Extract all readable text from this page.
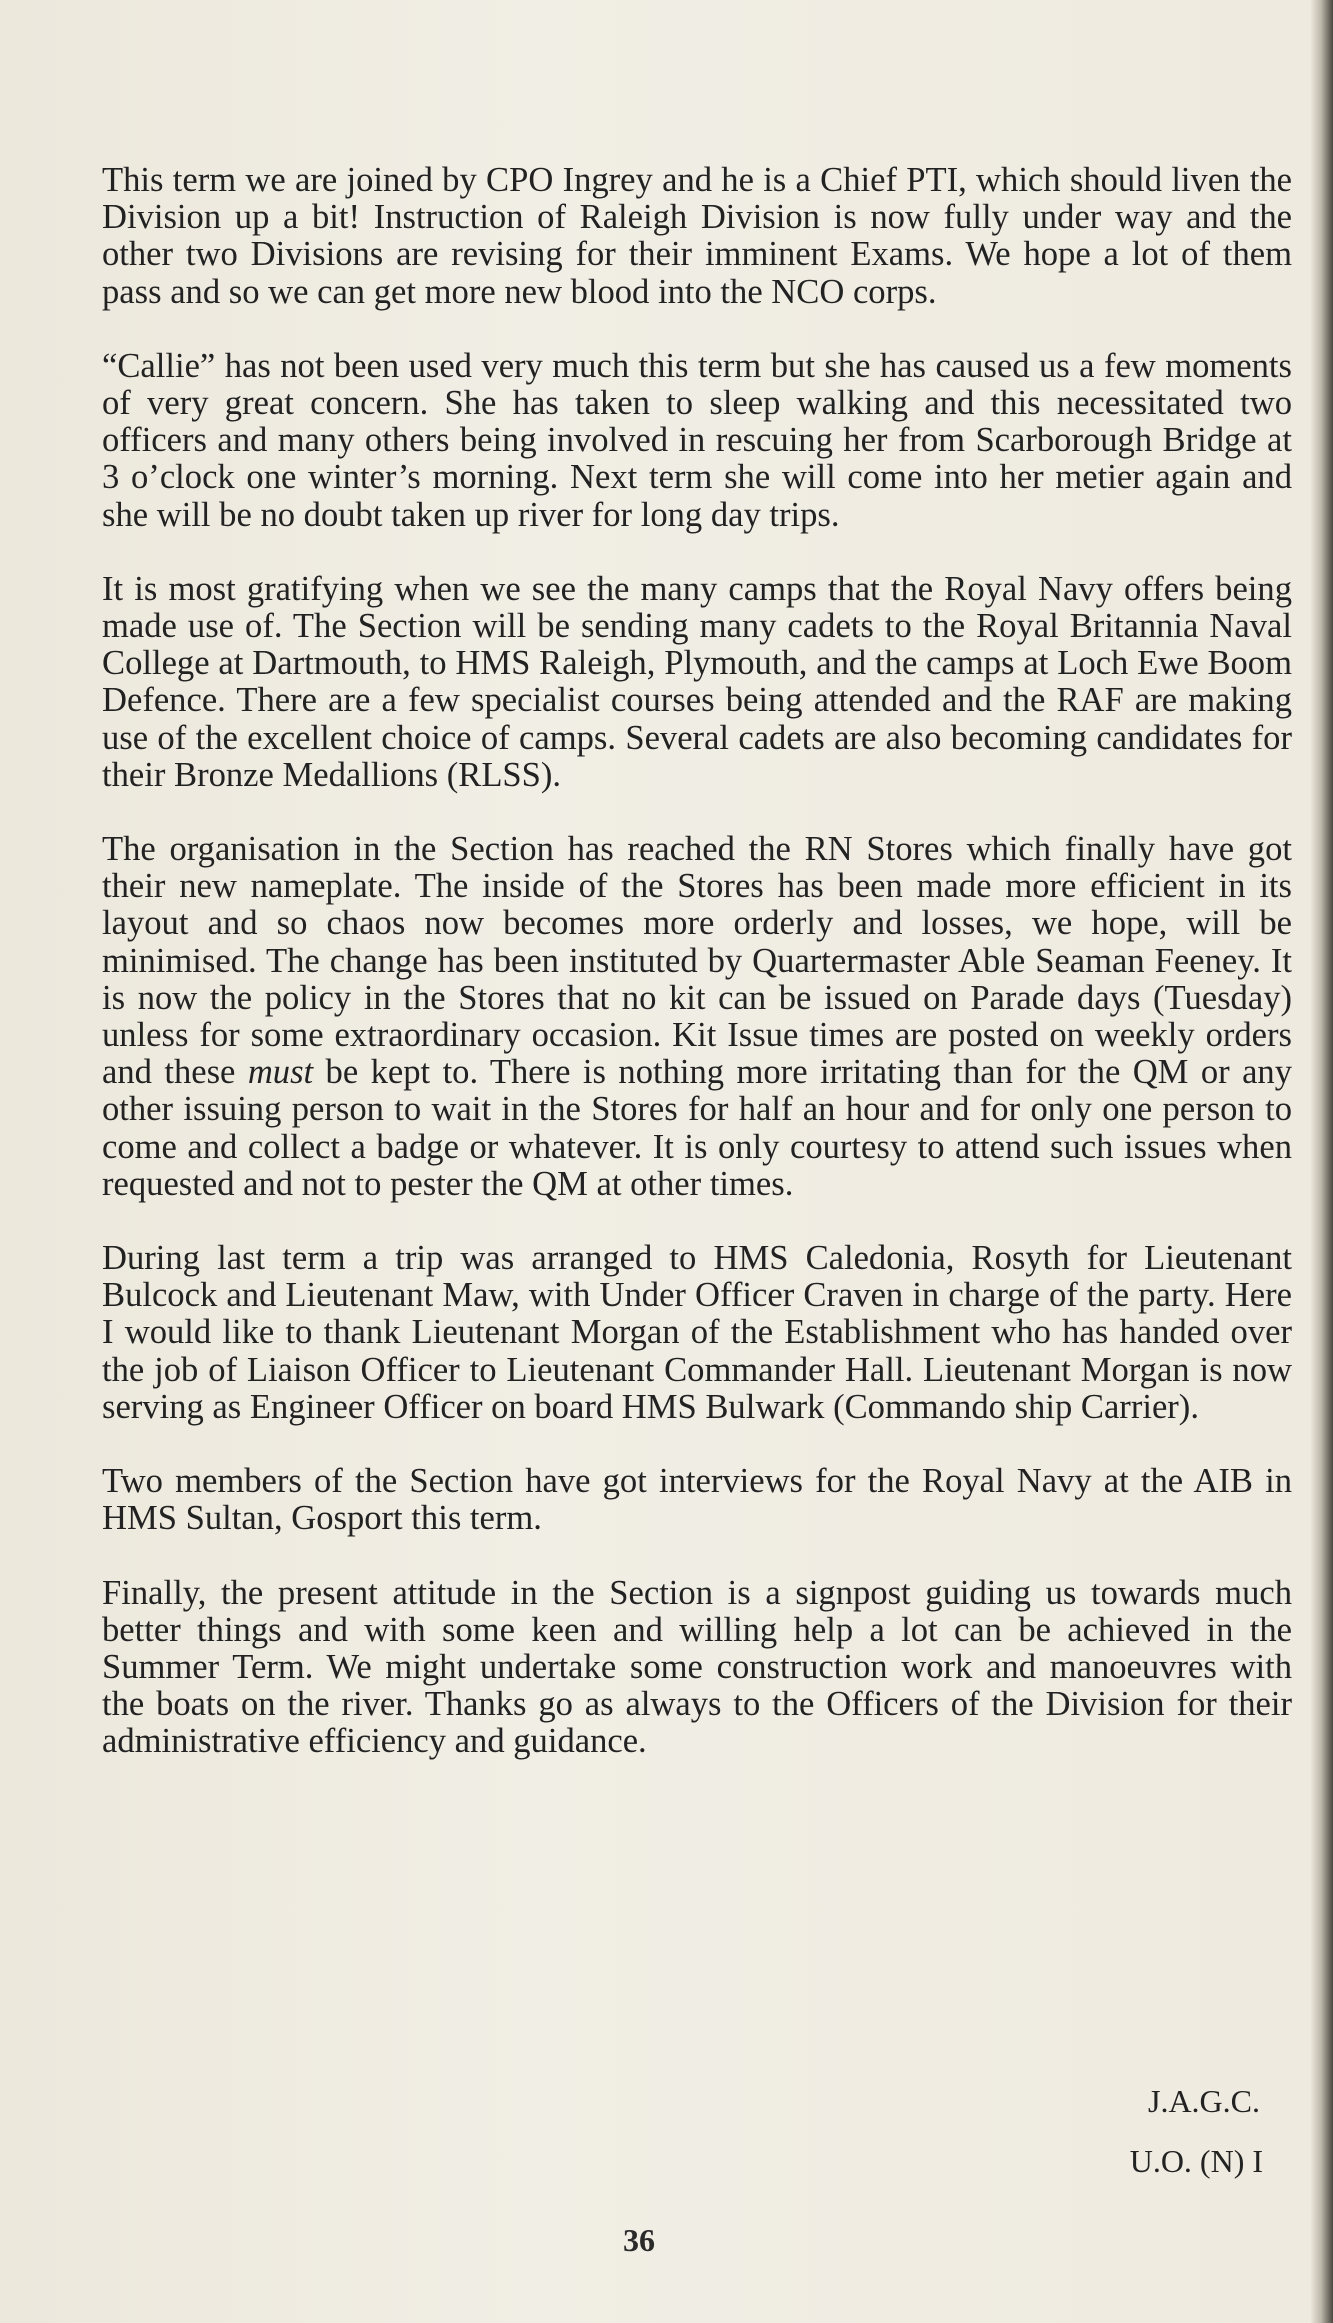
This term we are joined by CPO Ingrey and he is a Chief PTI, which should liven the Division up a bit! Instruction of Raleigh Division is now fully under way and the other two Divisions are revising for their imminent Exams. We hope a lot of them pass and so we can get more new blood into the NCO corps.

“Callie” has not been used very much this term but she has caused us a few moments of very great concern. She has taken to sleep walking and this necessitated two officers and many others being involved in rescuing her from Scarborough Bridge at 3 o’clock one winter’s morning. Next term she will come into her metier again and she will be no doubt taken up river for long day trips.

It is most gratifying when we see the many camps that the Royal Navy offers being made use of. The Section will be sending many cadets to the Royal Britannia Naval College at Dartmouth, to HMS Raleigh, Plymouth, and the camps at Loch Ewe Boom Defence. There are a few specialist courses being attended and the RAF are making use of the excellent choice of camps. Several cadets are also becoming candidates for their Bronze Medallions (RLSS).

The organisation in the Section has reached the RN Stores which finally have got their new nameplate. The inside of the Stores has been made more efficient in its layout and so chaos now becomes more orderly and losses, we hope, will be minimised. The change has been instituted by Quartermaster Able Seaman Feeney. It is now the policy in the Stores that no kit can be issued on Parade days (Tuesday) unless for some extraordinary occasion. Kit Issue times are posted on weekly orders and these must be kept to. There is nothing more irritating than for the QM or any other issuing person to wait in the Stores for half an hour and for only one person to come and collect a badge or whatever. It is only courtesy to attend such issues when requested and not to pester the QM at other times.

During last term a trip was arranged to HMS Caledonia, Rosyth for Lieutenant Bulcock and Lieutenant Maw, with Under Officer Craven in charge of the party. Here I would like to thank Lieutenant Morgan of the Establishment who has handed over the job of Liaison Officer to Lieutenant Commander Hall. Lieutenant Morgan is now serving as Engineer Officer on board HMS Bulwark (Commando ship Carrier).

Two members of the Section have got interviews for the Royal Navy at the AIB in HMS Sultan, Gosport this term.

Finally, the present attitude in the Section is a signpost guiding us towards much better things and with some keen and willing help a lot can be achieved in the Summer Term. We might undertake some construction work and manoeuvres with the boats on the river. Thanks go as always to the Officers of the Division for their administrative efficiency and guidance.

J.A.G.C.
U.O. (N) I
36
